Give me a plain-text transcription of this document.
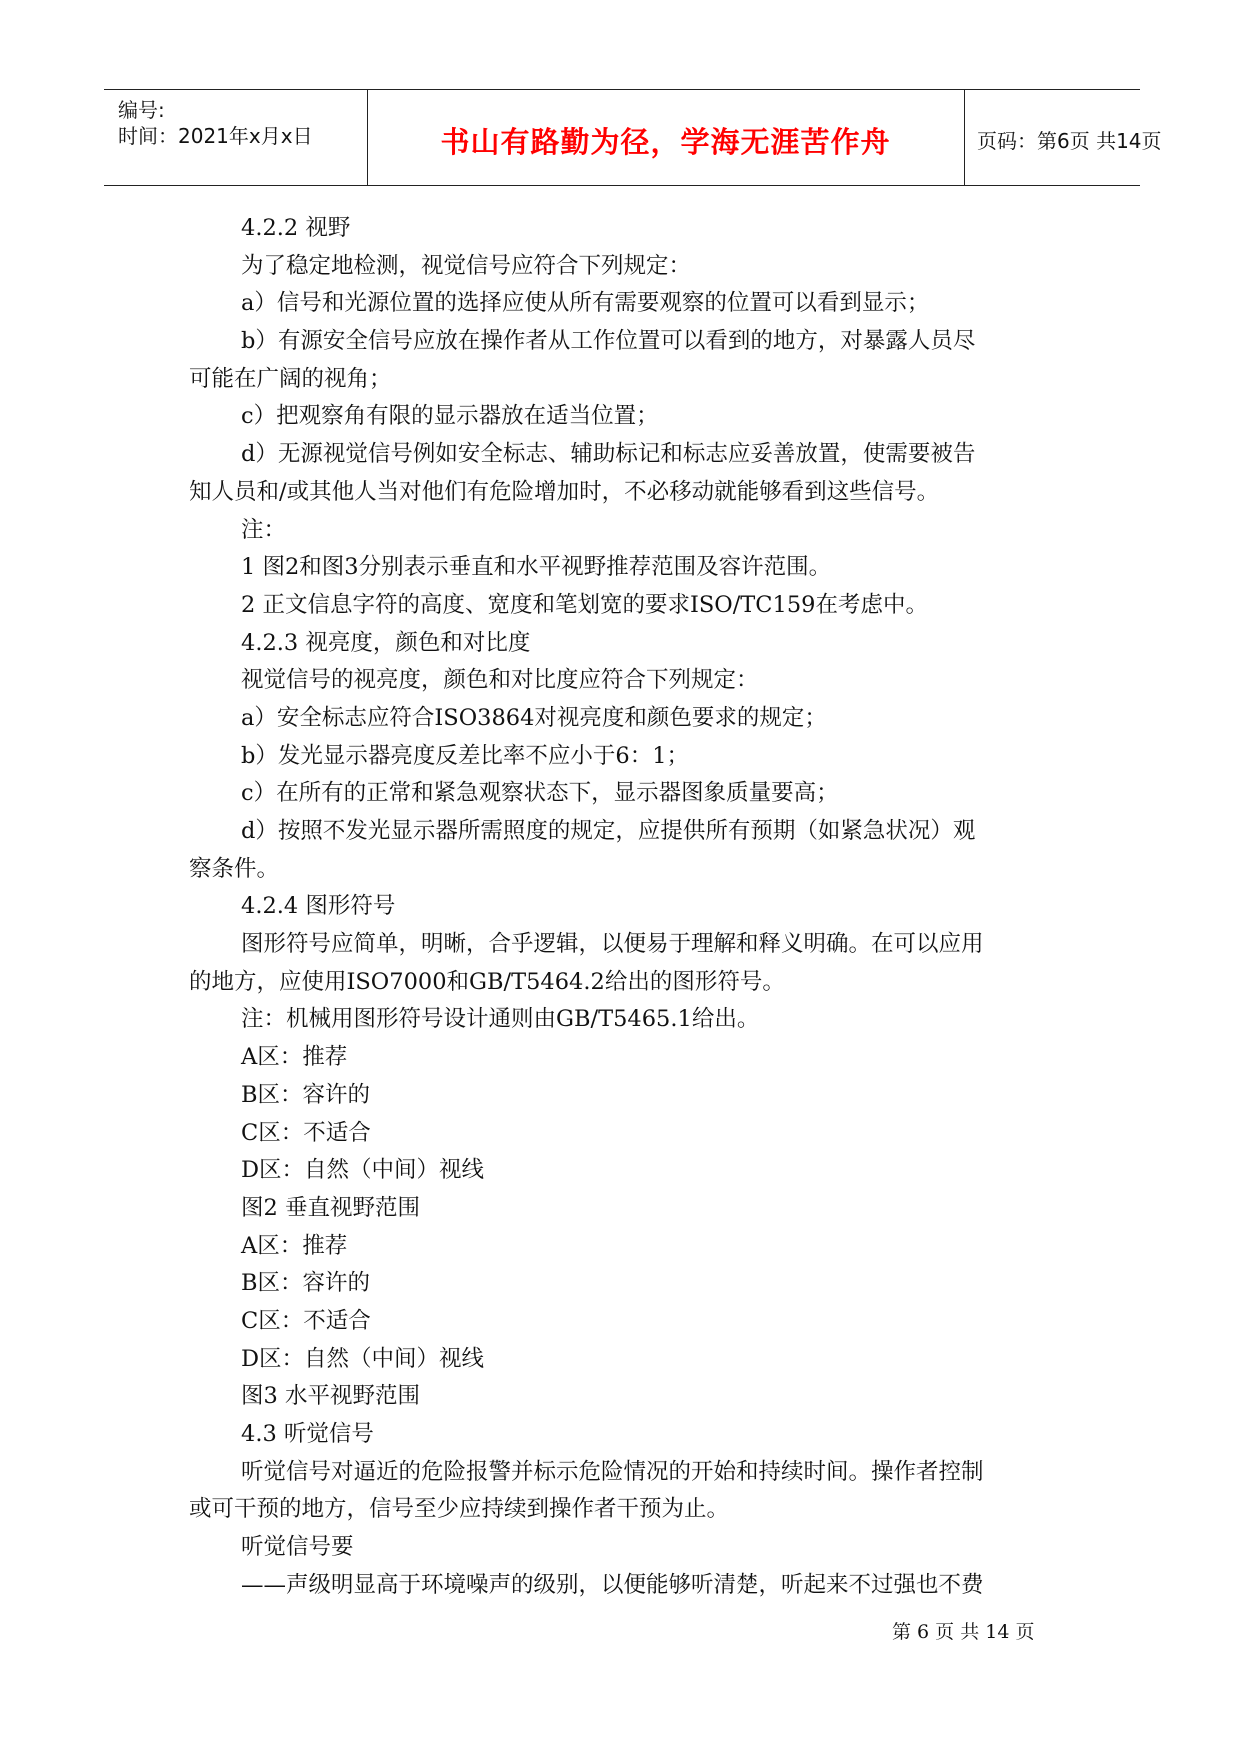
编号:
时间：2021年x月x日	书山有路勤为径，学海无涯苦作舟	页码：第6页 共14页
4.2.2 视野
为了稳定地检测，视觉信号应符合下列规定：
a）信号和光源位置的选择应使从所有需要观察的位置可以看到显示；
b）有源安全信号应放在操作者从工作位置可以看到的地方，对暴露人员尽
可能在广阔的视角；
c）把观察角有限的显示器放在适当位置；
d）无源视觉信号例如安全标志、辅助标记和标志应妥善放置，使需要被告
知人员和/或其他人当对他们有危险增加时，不必移动就能够看到这些信号。
注：
1 图2和图3分别表示垂直和水平视野推荐范围及容许范围。
2 正文信息字符的高度、宽度和笔划宽的要求ISO/TC159在考虑中。
4.2.3 视亮度，颜色和对比度
视觉信号的视亮度，颜色和对比度应符合下列规定：
a）安全标志应符合ISO3864对视亮度和颜色要求的规定；
b）发光显示器亮度反差比率不应小于6：1；
c）在所有的正常和紧急观察状态下，显示器图象质量要高；
d）按照不发光显示器所需照度的规定，应提供所有预期（如紧急状况）观
察条件。
4.2.4 图形符号
图形符号应简单，明晰，合乎逻辑，以便易于理解和释义明确。在可以应用
的地方，应使用ISO7000和GB/T5464.2给出的图形符号。
注：机械用图形符号设计通则由GB/T5465.1给出。
A区：推荐
B区：容许的
C区：不适合
D区：自然（中间）视线
图2 垂直视野范围
A区：推荐
B区：容许的
C区：不适合
D区：自然（中间）视线
图3 水平视野范围
4.3 听觉信号
听觉信号对逼近的危险报警并标示危险情况的开始和持续时间。操作者控制
或可干预的地方，信号至少应持续到操作者干预为止。
听觉信号要
——声级明显高于环境噪声的级别，以便能够听清楚，听起来不过强也不费
第 6 页 共 14 页
